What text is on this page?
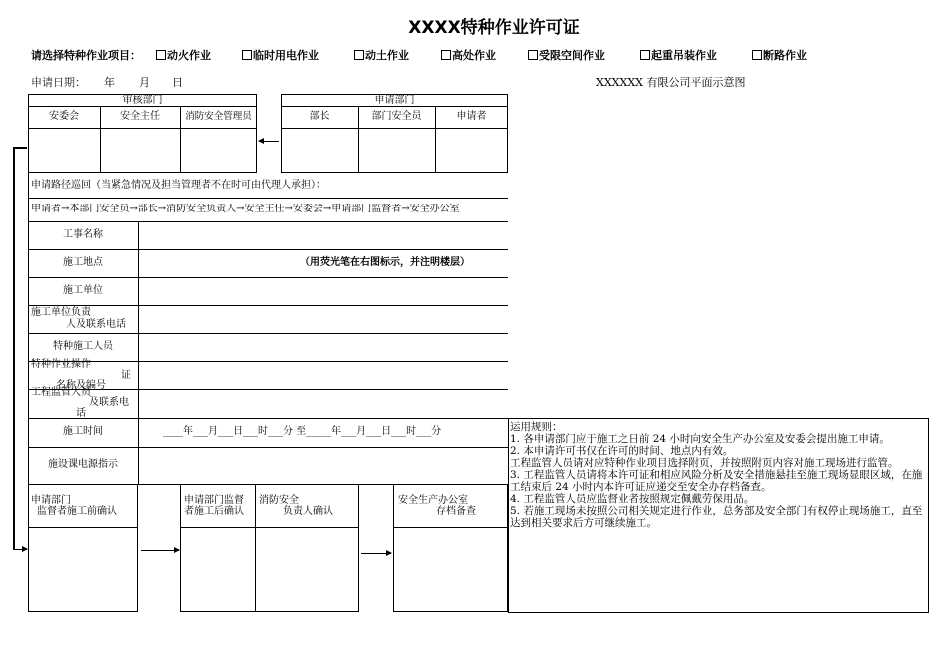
XXXX特种作业许可证
请选择特种作业项目：	动火作业	临时用电作业	动土作业	高处作业	受限空间作业	起重吊装作业	断路作业
申请日期： 年 月 日	XXXXXX 有限公司平面示意图
审核部门
安委会	安全主任	消防安全管理员
申请部门
部长	部门安全员	申请者
申请路径巡回（当紧急情况及担当管理者不在时可由代理人承担）：
申请者→本部门安全员→部长→消防安全负责人→安全主任→安委会→申请部门监督者→安全办公室
工事名称
施工地点	（用荧光笔在右图标示，并注明楼层）
施工单位
施工单位负责
人及联系电话
特种施工人员
特种作业操作
证
名称及编号
工程监管人员
及联系电
话
施工时间	____年___月___日___时___分 至_____年___月___日___时___分
施设课电源指示
运用规则：
1. 各申请部门应于施工之日前 24 小时向安全生产办公室及安委会提出施工申请。
2. 本申请许可书仅在许可的时间、地点内有效。
工程监管人员请对应特种作业项目选择附页，并按照附页内容对施工现场进行监管。
3. 工程监管人员请将本许可证和相应风险分析及安全措施悬挂至施工现场显眼区域，在施工结束后 24 小时内本许可证应递交至安全办存档备查。
4. 工程监管人员应监督业者按照规定佩戴劳保用品。
5. 若施工现场未按照公司相关规定进行作业，总务部及安全部门有权停止现场施工，直至达到相关要求后方可继续施工。
申请部门
监督者施工前确认
申请部门监督
者施工后确认
消防安全
负责人确认
安全生产办公室
存档备查
